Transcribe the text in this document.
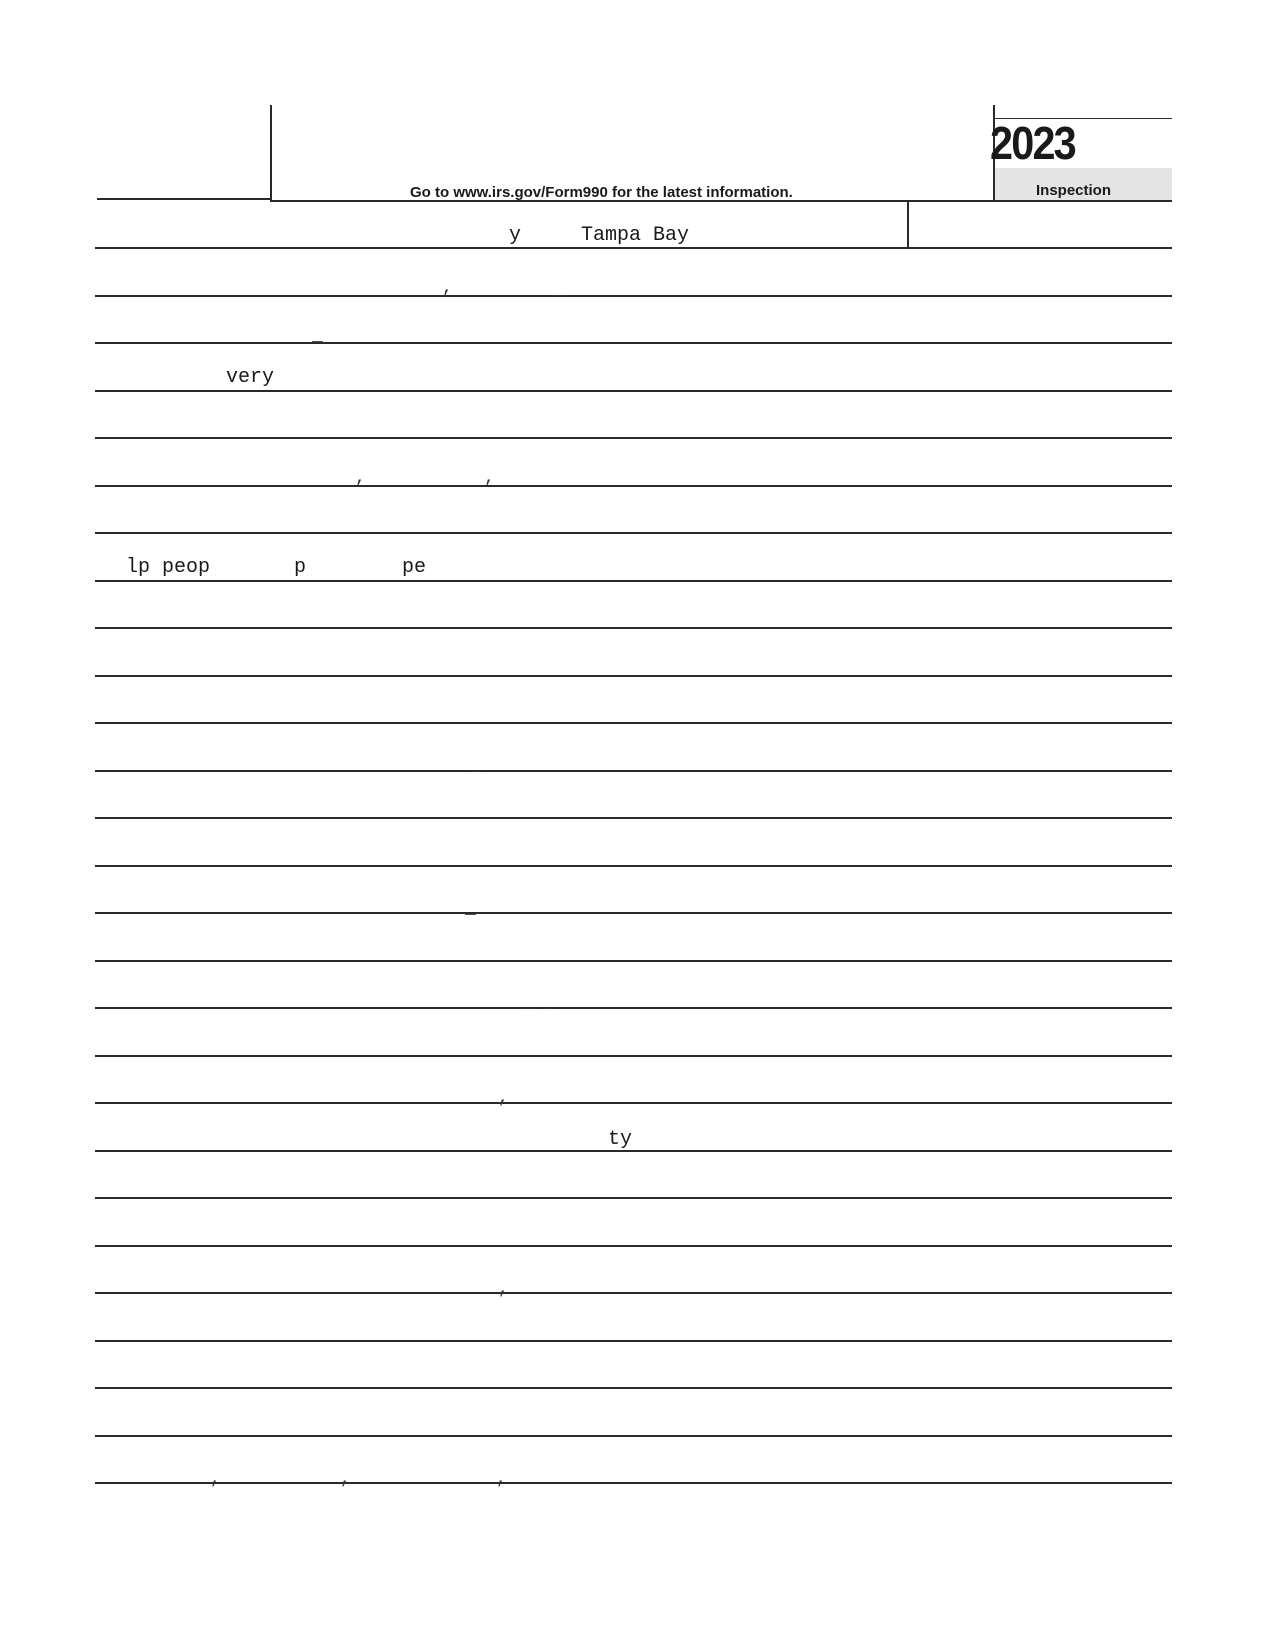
2023
Go to www.irs.gov/Form990 for the latest information.	Inspection
y	Tampa Bay
very
lp peop       p        pe
ty
,	_
_
,	,
_
_
_ _
,
,
,	,	,
